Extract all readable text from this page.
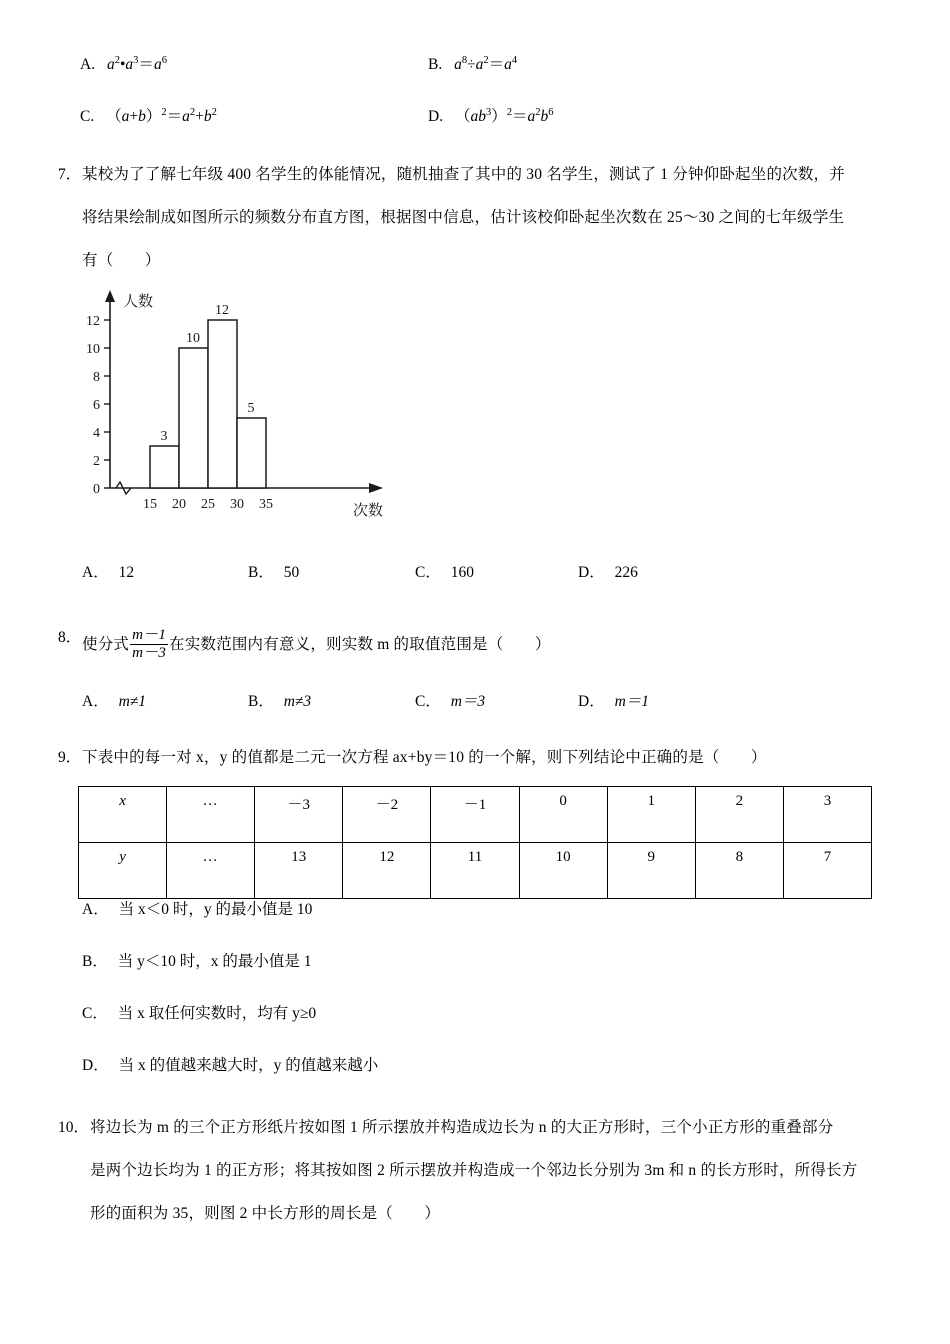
A. $a^2•a^3=a^6$	B. $a^8\div a^2=a^4$
C. $(a+b)^2=a^2+b^2$	D. $(ab^3)^2=a^2b^6$
7． 某校为了了解七年级 400 名学生的体能情况，随机抽查了其中的 30 名学生，测试了 1 分钟仰卧起坐的次数，并
将结果绘制成如图所示的频数分布直方图，根据图中信息，估计该校仰卧起坐次数在 25～30 之间的七年级学生
有（　　）
0
2
4
6
8
10
12
3
10
12
5
15 20 25 30 35
人数
次数
A． 12	B． 50	C． 160	D． 226
8． 使分式 $\frac{m-1}{m-3}$ 在实数范围内有意义，则实数 m 的取值范围是（　　）
A． m≠1	B． m≠3	C． m＝3	D． m＝1
9． 下表中的每一对 x，y 的值都是二元一次方程 ax+by＝10 的一个解，则下列结论中正确的是（　　）
x	…	－3	－2	－1	0	1	2	3
y	…	13	12	11	10	9	8	7
A． 当 x＜0 时，y 的最小值是 10
B． 当 y＜10 时，x 的最小值是 1
C． 当 x 取任何实数时，均有 y≥0
D． 当 x 的值越来越大时，y 的值越来越小
10． 将边长为 m 的三个正方形纸片按如图 1 所示摆放并构造成边长为 n 的大正方形时，三个小正方形的重叠部分
是两个边长均为 1 的正方形；将其按如图 2 所示摆放并构造成一个邻边长分别为 3m 和 n 的长方形时，所得长方
形的面积为 35，则图 2 中长方形的周长是（　　）
